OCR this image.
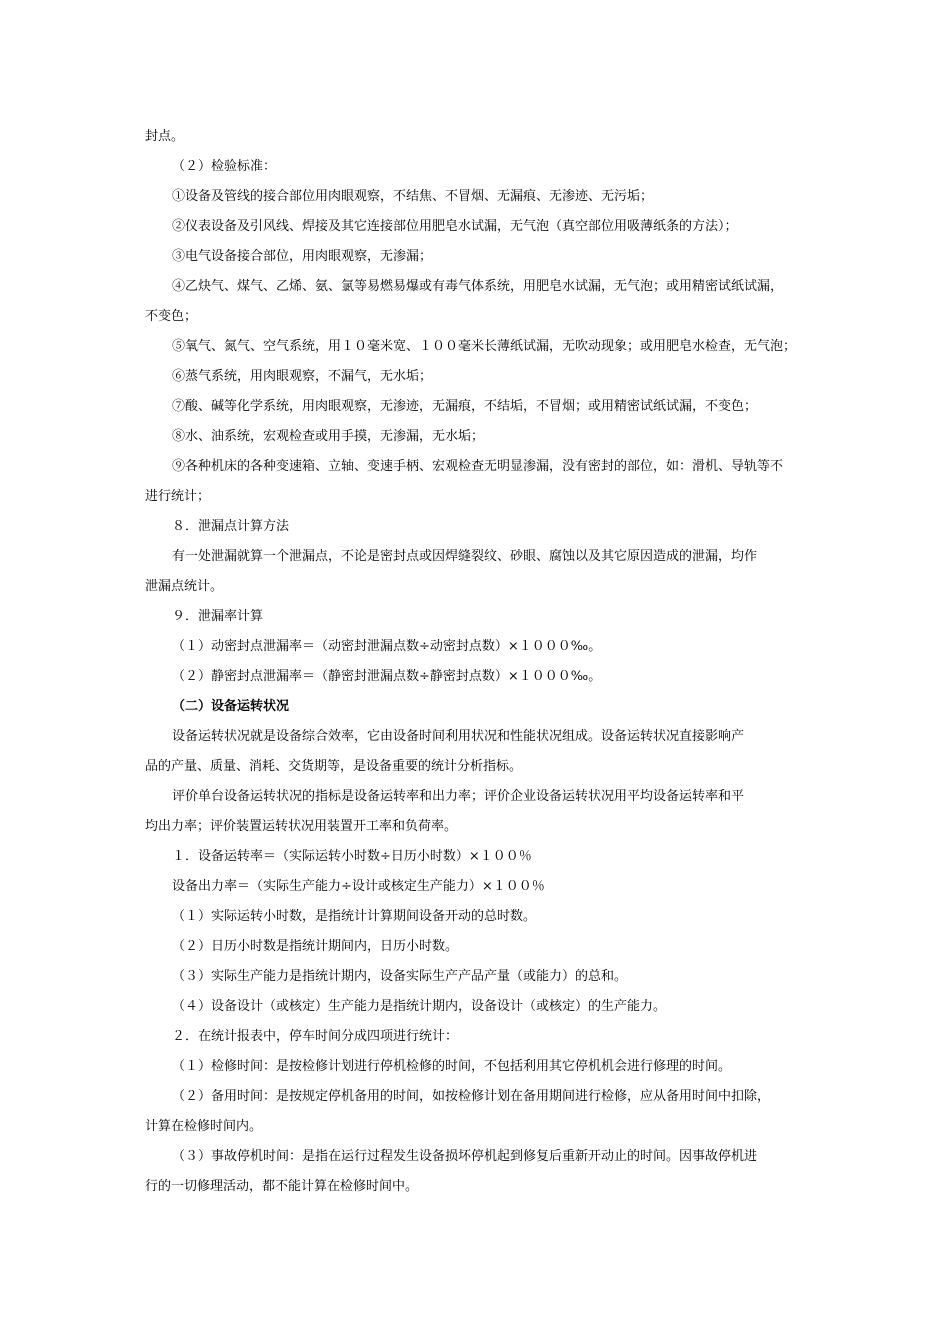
封点。
（２）检验标准：
①设备及管线的接合部位用肉眼观察，不结焦、不冒烟、无漏痕、无渗迹、无污垢；
②仪表设备及引风线、焊接及其它连接部位用肥皂水试漏，无气泡（真空部位用吸薄纸条的方法）；
③电气设备接合部位，用肉眼观察，无渗漏；
④乙炔气、煤气、乙烯、氨、氯等易燃易爆或有毒气体系统，用肥皂水试漏，无气泡；或用精密试纸试漏，
不变色；
⑤氧气、氮气、空气系统，用１０毫米宽、１００毫米长薄纸试漏，无吹动现象；或用肥皂水检查，无气泡；
⑥蒸气系统，用肉眼观察，不漏气，无水垢；
⑦酸、碱等化学系统，用肉眼观察，无渗迹，无漏痕，不结垢，不冒烟；或用精密试纸试漏，不变色；
⑧水、油系统，宏观检查或用手摸，无渗漏，无水垢；
⑨各种机床的各种变速箱、立轴、变速手柄、宏观检查无明显渗漏，没有密封的部位，如：滑机、导轨等不
进行统计；
８．泄漏点计算方法
有一处泄漏就算一个泄漏点，不论是密封点或因焊缝裂纹、砂眼、腐蚀以及其它原因造成的泄漏，均作
泄漏点统计。
９．泄漏率计算
（１）动密封点泄漏率＝（动密封泄漏点数÷动密封点数）×１０００‰。
（２）静密封点泄漏率＝（静密封泄漏点数÷静密封点数）×１０００‰。
（二）设备运转状况
设备运转状况就是设备综合效率，它由设备时间利用状况和性能状况组成。设备运转状况直接影响产
品的产量、质量、消耗、交货期等，是设备重要的统计分析指标。
评价单台设备运转状况的指标是设备运转率和出力率；评价企业设备运转状况用平均设备运转率和平
均出力率；评价装置运转状况用装置开工率和负荷率。
１．设备运转率＝（实际运转小时数÷日历小时数）×１００％
设备出力率＝（实际生产能力÷设计或核定生产能力）×１００％
（１）实际运转小时数，是指统计计算期间设备开动的总时数。
（２）日历小时数是指统计期间内，日历小时数。
（３）实际生产能力是指统计期内，设备实际生产产品产量（或能力）的总和。
（４）设备设计（或核定）生产能力是指统计期内，设备设计（或核定）的生产能力。
２．在统计报表中，停车时间分成四项进行统计：
（１）检修时间：是按检修计划进行停机检修的时间，不包括利用其它停机机会进行修理的时间。
（２）备用时间：是按规定停机备用的时间，如按检修计划在备用期间进行检修，应从备用时间中扣除，
计算在检修时间内。
（３）事故停机时间：是指在运行过程发生设备损坏停机起到修复后重新开动止的时间。因事故停机进
行的一切修理活动，都不能计算在检修时间中。
